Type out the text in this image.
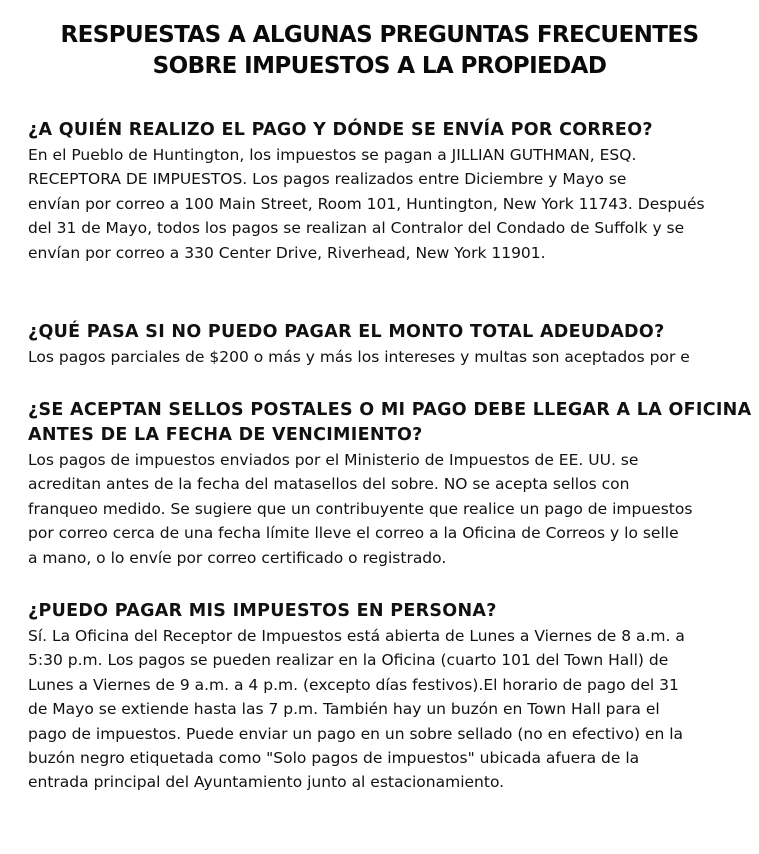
RESPUESTAS A ALGUNAS PREGUNTAS FRECUENTES
SOBRE IMPUESTOS A LA PROPIEDAD
¿A QUIÉN REALIZO EL PAGO Y DÓNDE SE ENVÍA POR CORREO?
En el Pueblo de Huntington, los impuestos se pagan a JILLIAN GUTHMAN, ESQ.
RECEPTORA DE IMPUESTOS. Los pagos realizados entre Diciembre y Mayo se
envían por correo a 100 Main Street, Room 101, Huntington, New York 11743. Después
del 31 de Mayo, todos los pagos se realizan al Contralor del Condado de Suffolk y se
envían por correo a 330 Center Drive, Riverhead, New York 11901.
¿QUÉ PASA SI NO PUEDO PAGAR EL MONTO TOTAL ADEUDADO?
Los pagos parciales de $200 o más y más los intereses y multas son aceptados por e
¿SE ACEPTAN SELLOS POSTALES O MI PAGO DEBE LLEGAR A LA OFICINA
ANTES DE LA FECHA DE VENCIMIENTO?
Los pagos de impuestos enviados por el Ministerio de Impuestos de EE. UU. se
acreditan antes de la fecha del matasellos del sobre. NO se acepta sellos con
franqueo medido. Se sugiere que un contribuyente que realice un pago de impuestos
por correo cerca de una fecha límite lleve el correo a la Oficina de Correos y lo selle
a mano, o lo envíe por correo certificado o registrado.
¿PUEDO PAGAR MIS IMPUESTOS EN PERSONA?
Sí. La Oficina del Receptor de Impuestos está abierta de Lunes a Viernes de 8 a.m. a
5:30 p.m. Los pagos se pueden realizar en la Oficina (cuarto 101 del Town Hall) de
Lunes a Viernes de 9 a.m. a 4 p.m. (excepto días festivos).El horario de pago del 31
de Mayo se extiende hasta las 7 p.m. También hay un buzón en Town Hall para el
pago de impuestos. Puede enviar un pago en un sobre sellado (no en efectivo) en la
buzón negro etiquetada como "Solo pagos de impuestos" ubicada afuera de la
entrada principal del Ayuntamiento junto al estacionamiento.
